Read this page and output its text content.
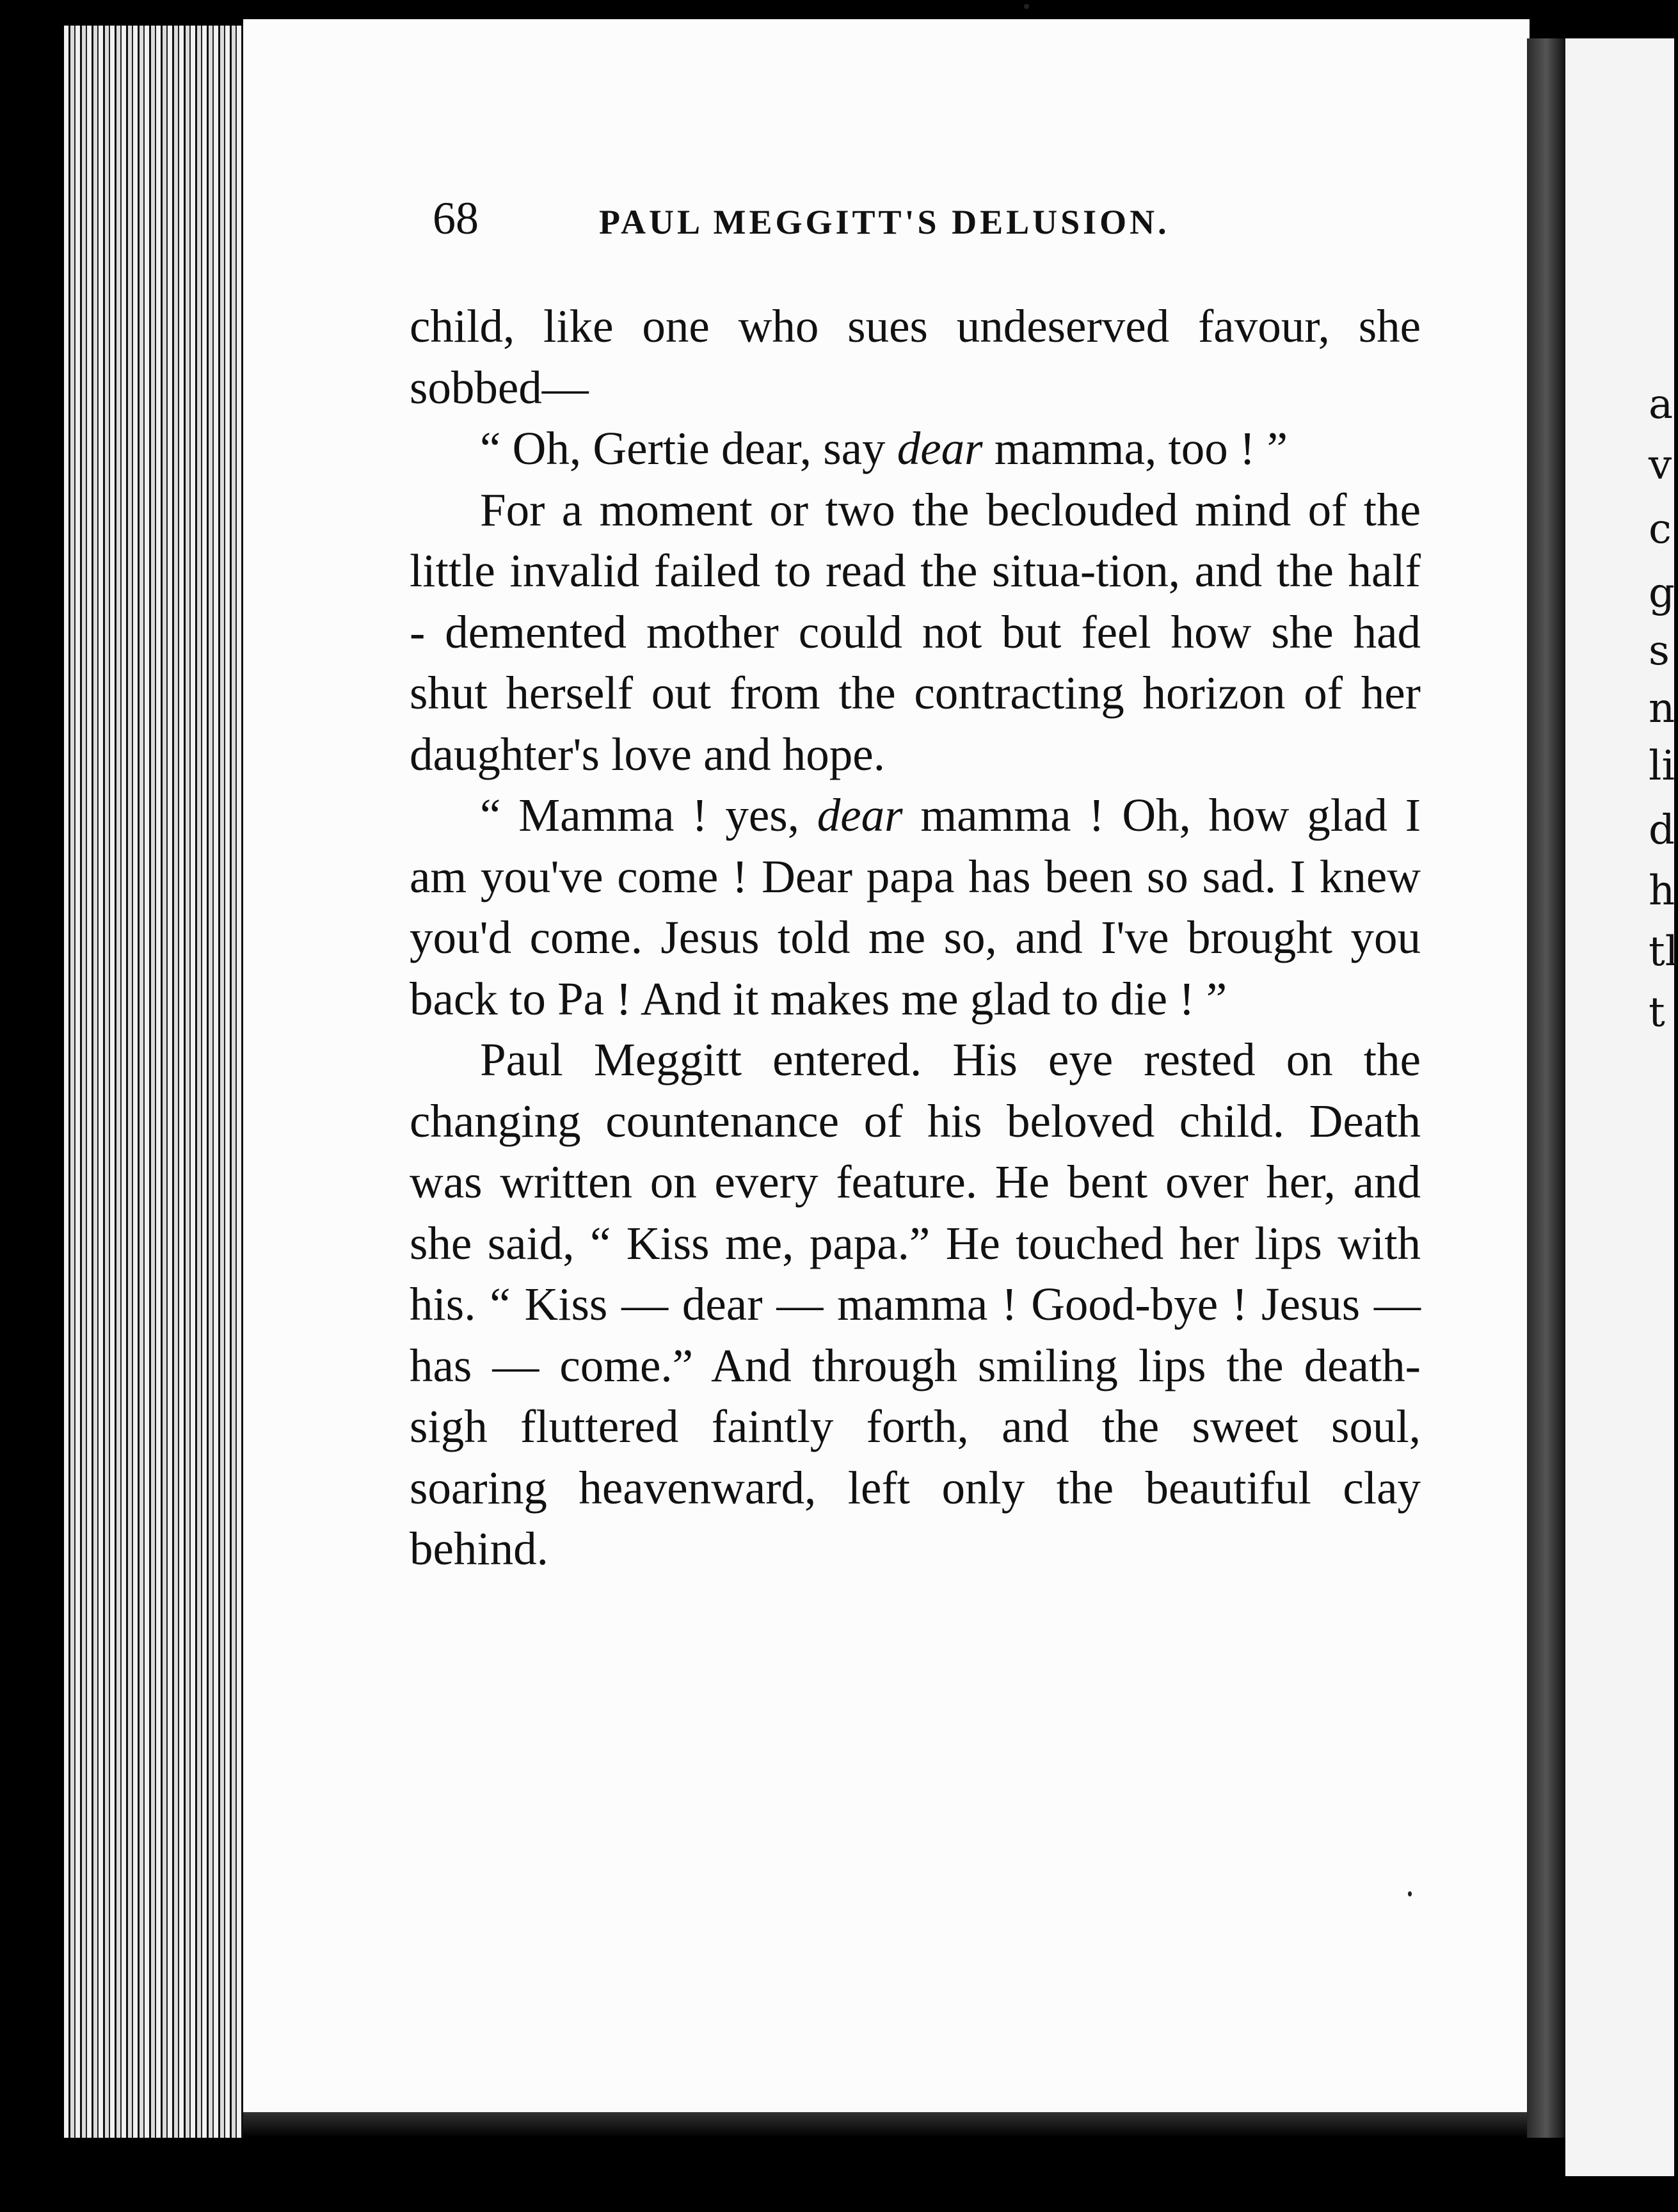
a
v
c
g
s
n
li
d
h
tl
t
68	PAUL MEGGITT'S DELUSION.

child, like one who sues undeserved favour, she sobbed—

“ Oh, Gertie dear, say dear mamma, too ! ”

For a moment or two the beclouded mind of the little invalid failed to read the situa-tion, and the half - demented mother could not but feel how she had shut herself out from the contracting horizon of her daughter's love and hope.

“ Mamma ! yes, dear mamma ! Oh, how glad I am you've come ! Dear papa has been so sad. I knew you'd come. Jesus told me so, and I've brought you back to Pa ! And it makes me glad to die ! ”

Paul Meggitt entered. His eye rested on the changing countenance of his beloved child. Death was written on every feature. He bent over her, and she said, “ Kiss me, papa.” He touched her lips with his. “ Kiss — dear — mamma ! Good-bye ! Jesus — has — come.” And through smiling lips the death-sigh fluttered faintly forth, and the sweet soul, soaring heavenward, left only the beautiful clay behind.
